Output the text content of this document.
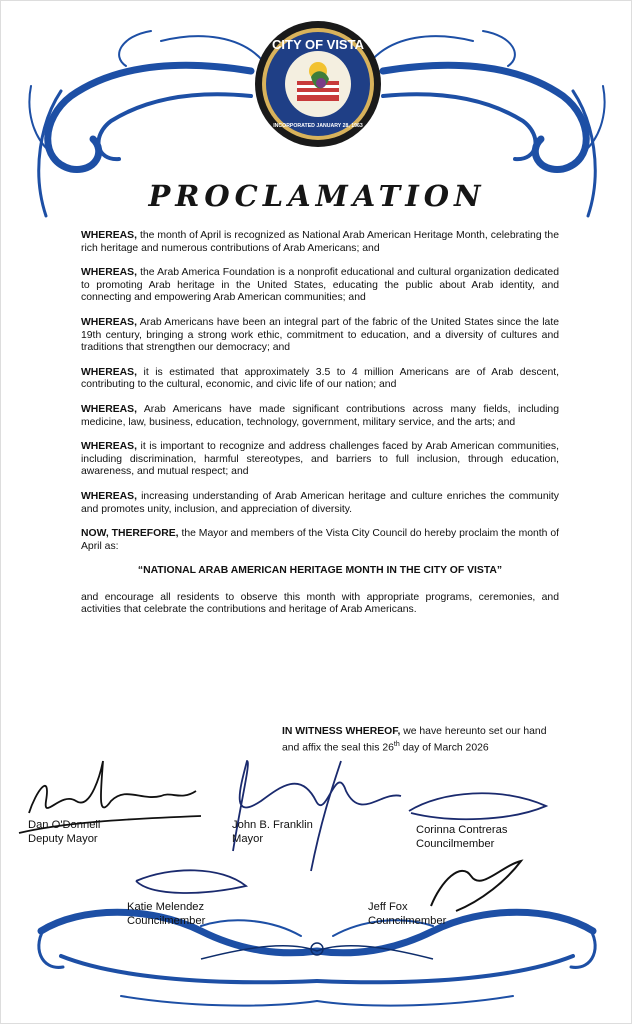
CITY OF VISTA
INCORPORATED JANUARY 28, 1963
PROCLAMATION

WHEREAS, the month of April is recognized as National Arab American Heritage Month, celebrating the rich heritage and numerous contributions of Arab Americans; and

WHEREAS, the Arab America Foundation is a nonprofit educational and cultural organization dedicated to promoting Arab heritage in the United States, educating the public about Arab identity, and connecting and empowering Arab American communities; and

WHEREAS, Arab Americans have been an integral part of the fabric of the United States since the late 19th century, bringing a strong work ethic, commitment to education, and a diversity of cultures and traditions that strengthen our democracy; and

WHEREAS, it is estimated that approximately 3.5 to 4 million Americans are of Arab descent, contributing to the cultural, economic, and civic life of our nation; and

WHEREAS, Arab Americans have made significant contributions across many fields, including medicine, law, business, education, technology, government, military service, and the arts; and

WHEREAS, it is important to recognize and address challenges faced by Arab American communities, including discrimination, harmful stereotypes, and barriers to full inclusion, through education, awareness, and mutual respect; and

WHEREAS, increasing understanding of Arab American heritage and culture enriches the community and promotes unity, inclusion, and appreciation of diversity.

NOW, THEREFORE, the Mayor and members of the Vista City Council do hereby proclaim the month of April as:

“NATIONAL ARAB AMERICAN HERITAGE MONTH IN THE CITY OF VISTA”

and encourage all residents to observe this month with appropriate programs, ceremonies, and activities that celebrate the contributions and heritage of Arab Americans.

IN WITNESS WHEREOF, we have hereunto set our hand and affix the seal this 26th day of March 2026
Dan O'Donnell
Deputy Mayor
John B. Franklin
Mayor
Corinna Contreras
Councilmember
Katie Melendez
Councilmember
Jeff Fox
Councilmember
